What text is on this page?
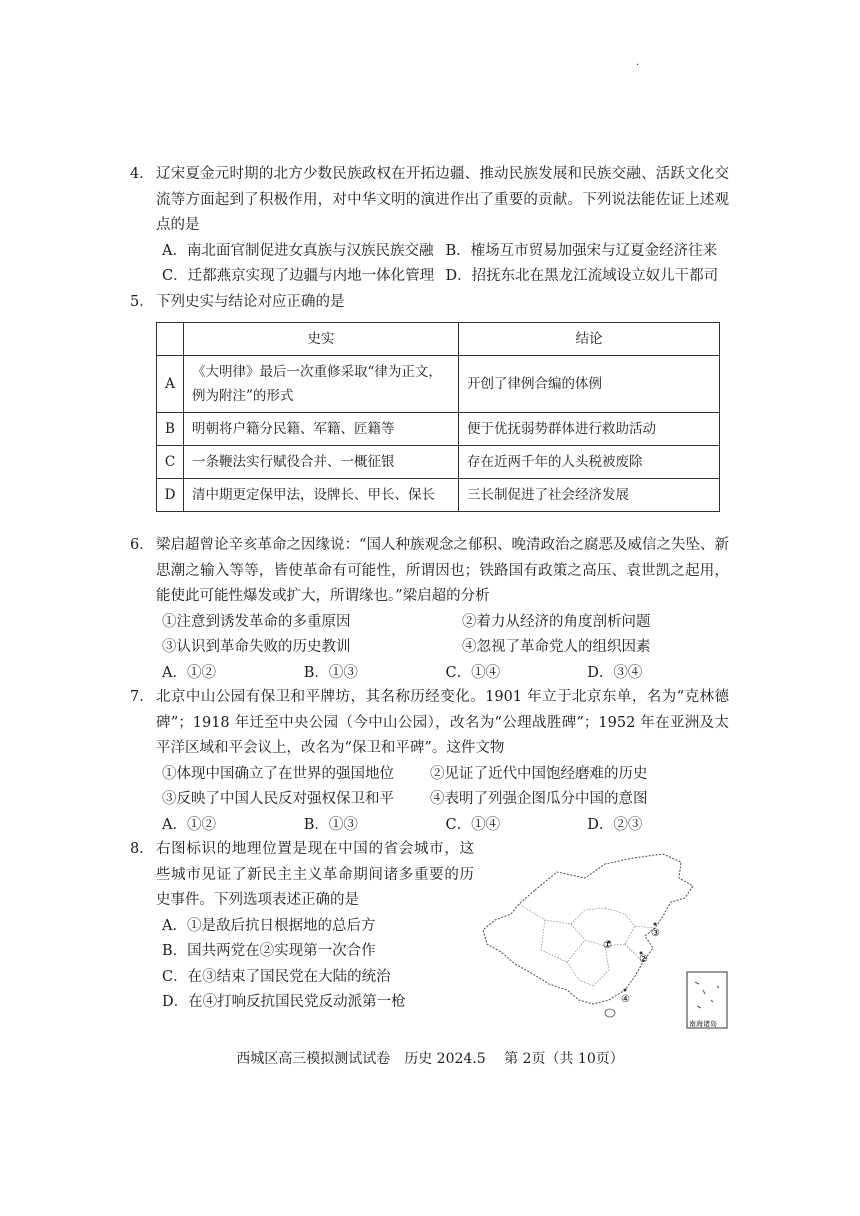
·
4． 辽宋夏金元时期的北方少数民族政权在开拓边疆、推动民族发展和民族交融、活跃文化交流等方面起到了积极作用，对中华文明的演进作出了重要的贡献。下列说法能佐证上述观点的是
A．南北面官制促进女真族与汉族民族交融 B．榷场互市贸易加强宋与辽夏金经济往来
C．迁都燕京实现了边疆与内地一体化管理 D．招抚东北在黑龙江流域设立奴儿干都司
5． 下列史实与结论对应正确的是
	史实	结论
A	《大明律》最后一次重修采取“律为正文，例为附注”的形式	开创了律例合编的体例
B	明朝将户籍分民籍、军籍、匠籍等	便于优抚弱势群体进行救助活动
C	一条鞭法实行赋役合并、一概征银	存在近两千年的人头税被废除
D	清中期更定保甲法，设牌长、甲长、保长	三长制促进了社会经济发展
6． 梁启超曾论辛亥革命之因缘说：“国人种族观念之郁积、晚清政治之腐恶及威信之失坠、新思潮之输入等等，皆使革命有可能性，所谓因也；铁路国有政策之高压、袁世凯之起用，能使此可能性爆发或扩大，所谓缘也。”梁启超的分析
①注意到诱发革命的多重原因	②着力从经济的角度剖析问题
③认识到革命失败的历史教训	④忽视了革命党人的组织因素
A．①②	B．①③	C．①④	D．③④
7． 北京中山公园有保卫和平牌坊，其名称历经变化。1901 年立于北京东单，名为“克林德碑”；1918 年迁至中央公园（今中山公园），改名为“公理战胜碑”；1952 年在亚洲及太平洋区域和平会议上，改名为“保卫和平碑”。这件文物
①体现中国确立了在世界的强国地位	②见证了近代中国饱经磨难的历史
③反映了中国人民反对强权保卫和平	④表明了列强企图瓜分中国的意图
A．①②	B．①③	C．①④	D．②③
8． 右图标识的地理位置是现在中国的省会城市，这些城市见证了新民主主义革命期间诸多重要的历史事件。下列选项表述正确的是
A．①是敌后抗日根据地的总后方
B．国共两党在②实现第一次合作
C．在③结束了国民党在大陆的统治
D．在④打响反抗国民党反动派第一枪
①
②
③
④
南海诸岛
西城区高三模拟测试试卷　历史 2024.5　 第 2页（共 10页）
